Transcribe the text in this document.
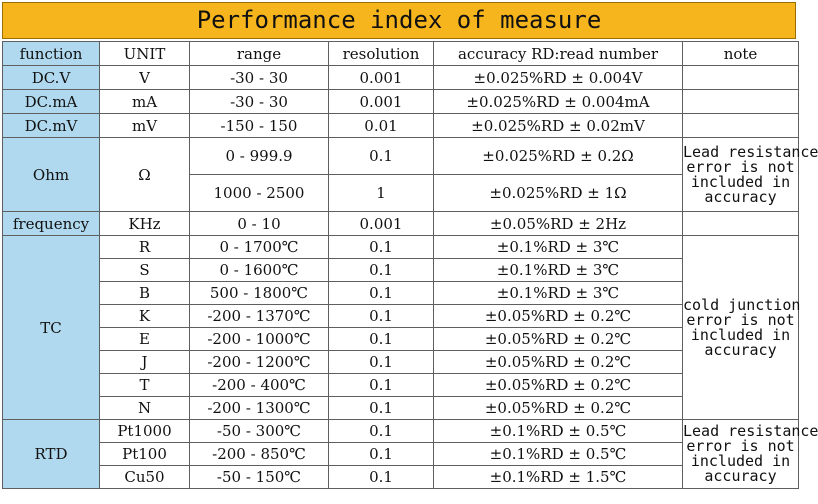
Performance index of measure
function	UNIT	range	resolution	accuracy RD:read number	note
DC.V	V	-30 - 30	0.001	±0.025%RD ± 0.004V	
DC.mA	mA	-30 - 30	0.001	±0.025%RD ± 0.004mA	
DC.mV	mV	-150 - 150	0.01	±0.025%RD ± 0.02mV	
Ohm	Ω	0 - 999.9	0.1	±0.025%RD ± 0.2Ω	Lead resistance
error is not
included in
accuracy

		1000 - 2500	1	±0.025%RD ± 1Ω	
frequency	KHz	0 - 10	0.001	±0.05%RD ± 2Hz	
TC	R	0 - 1700℃	0.1	±0.1%RD ± 3℃	cold junction
error is not
included in
accuracy

	S	0 - 1600℃	0.1	±0.1%RD ± 3℃	
	B	500 - 1800℃	0.1	±0.1%RD ± 3℃	
	K	-200 - 1370℃	0.1	±0.05%RD ± 0.2℃	
	E	-200 - 1000℃	0.1	±0.05%RD ± 0.2℃	
	J	-200 - 1200℃	0.1	±0.05%RD ± 0.2℃	
	T	-200 - 400℃	0.1	±0.05%RD ± 0.2℃	
	N	-200 - 1300℃	0.1	±0.05%RD ± 0.2℃	
RTD	Pt1000	-50 - 300℃	0.1	±0.1%RD ± 0.5℃	Lead resistance
error is not
included in
accuracy

	Pt100	-200 - 850℃	0.1	±0.1%RD ± 0.5℃	
	Cu50	-50 - 150℃	0.1	±0.1%RD ± 1.5℃	
